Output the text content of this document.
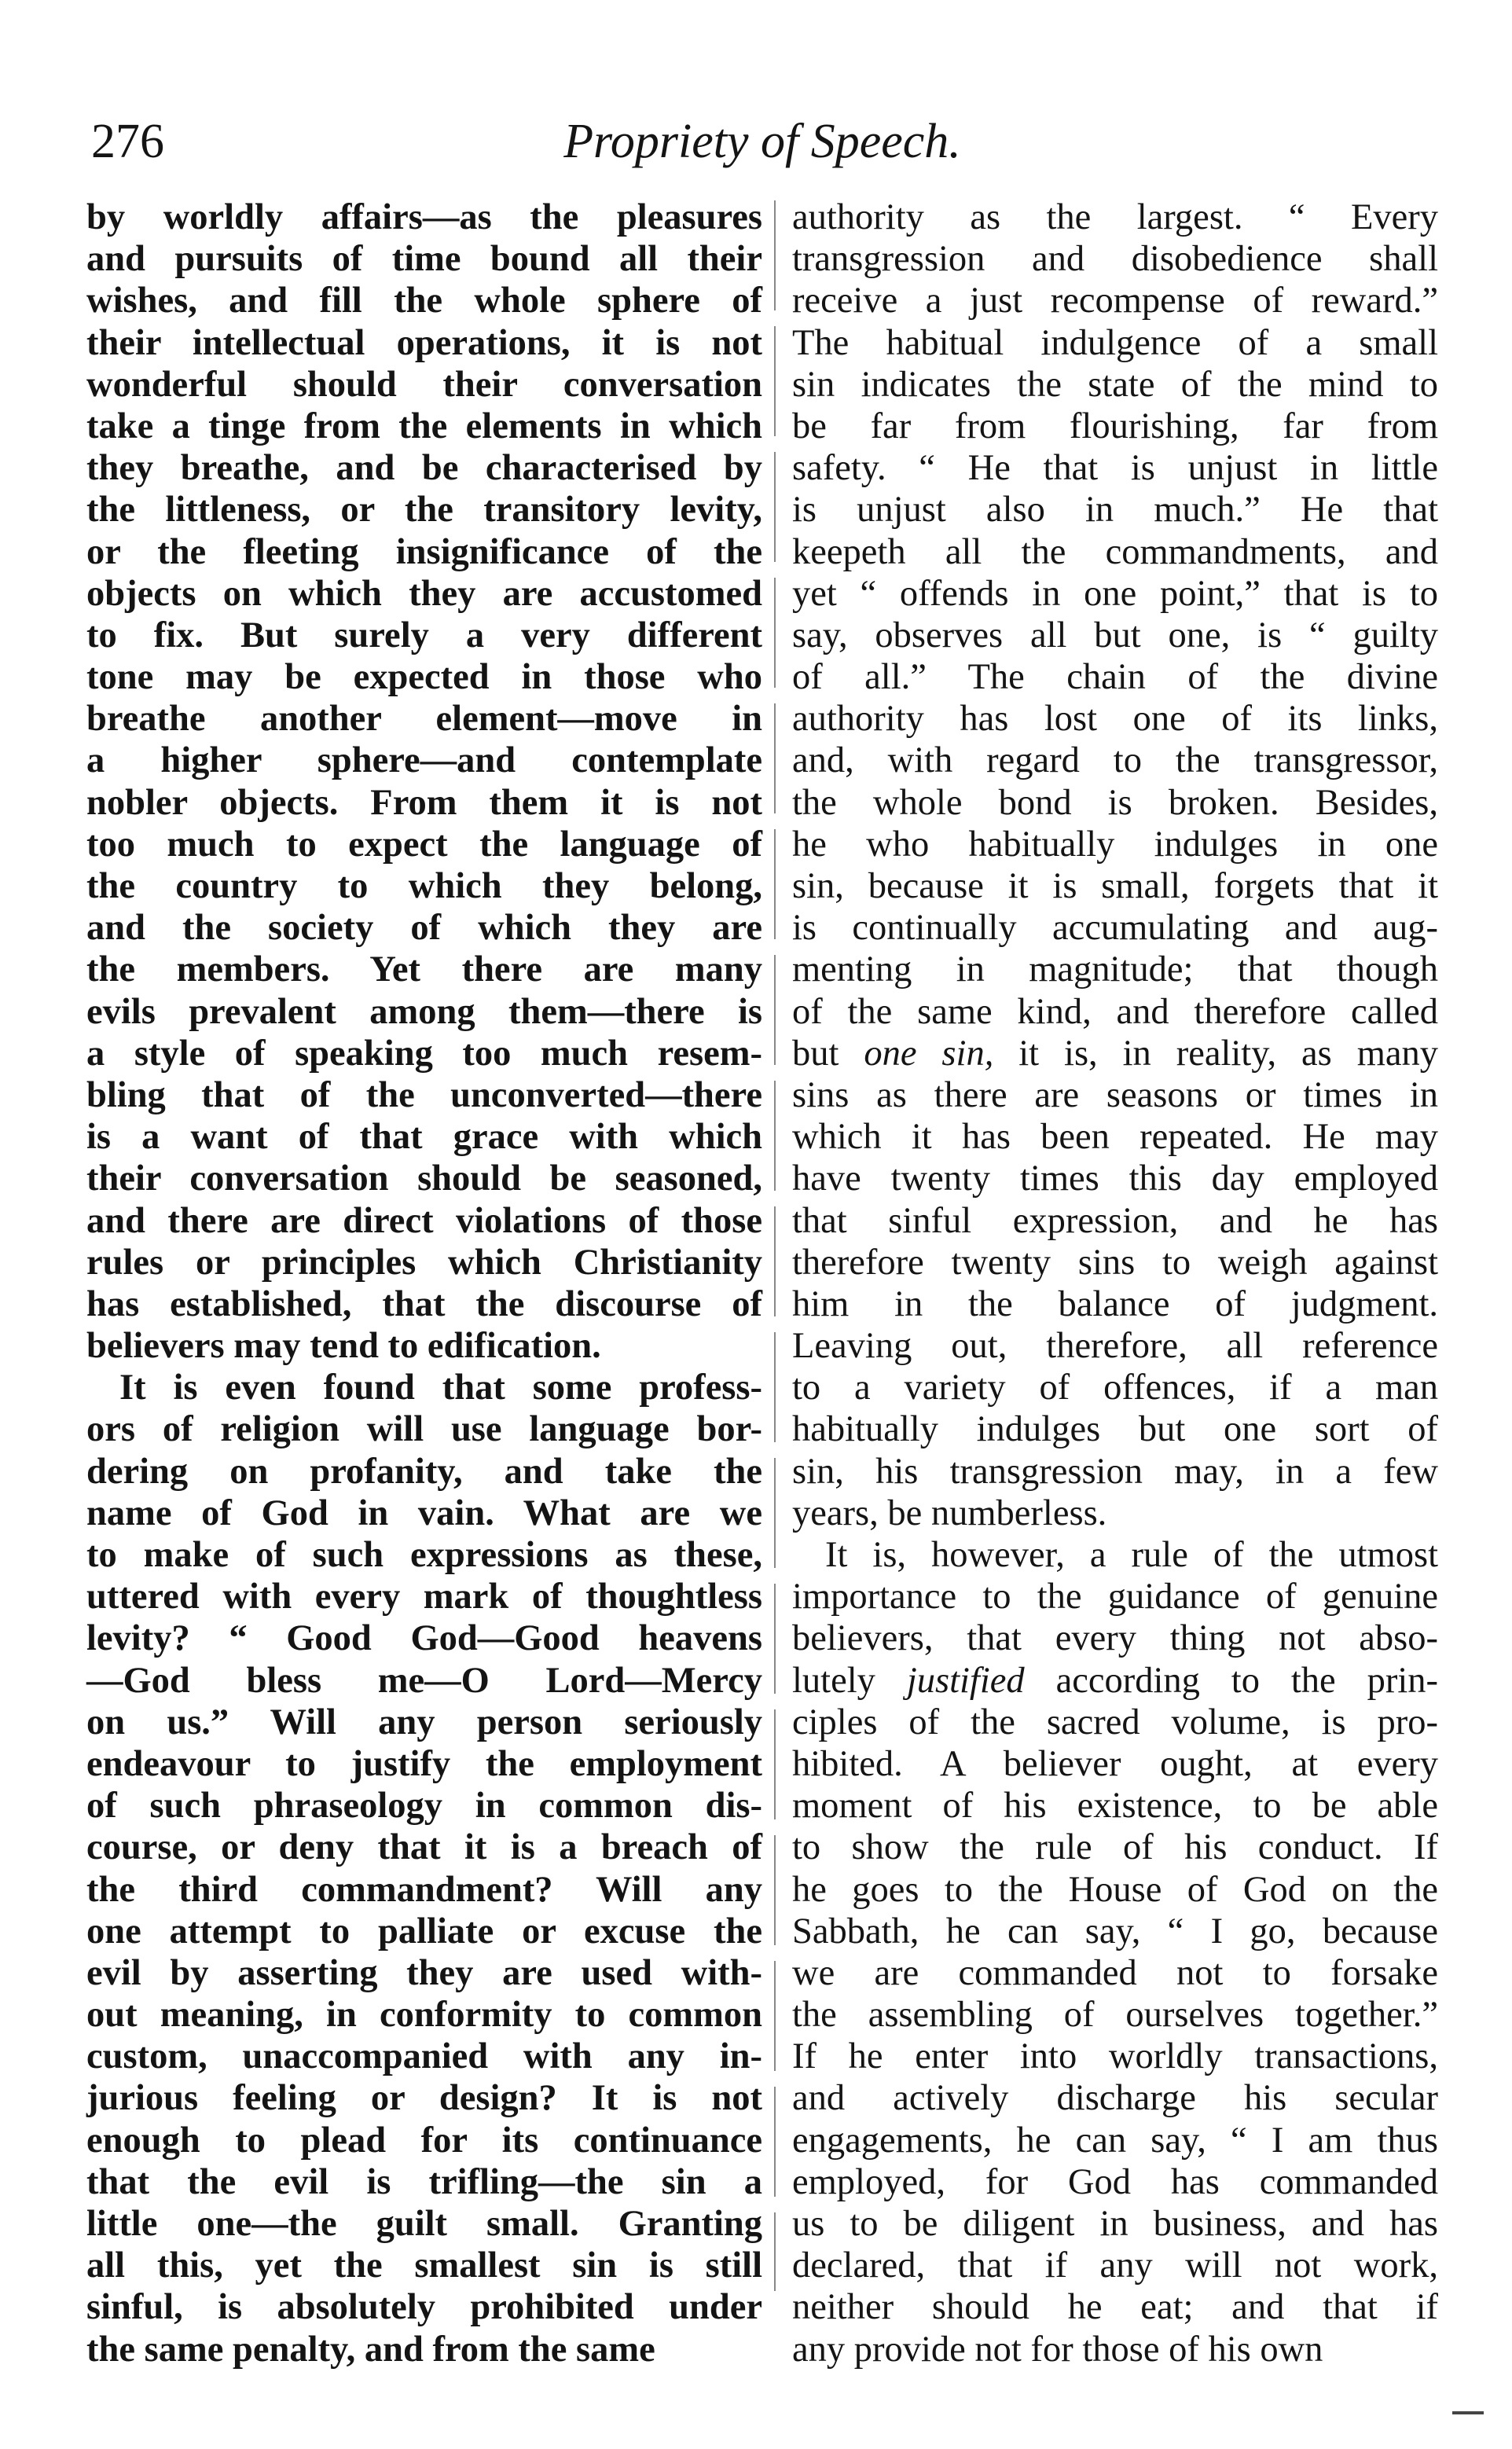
276	Propriety of Speech.
by worldly affairs—as the pleasures
and pursuits of time bound all their
wishes, and fill the whole sphere of
their intellectual operations, it is not
wonderful should their conversation
take a tinge from the elements in which
they breathe, and be characterised by
the littleness, or the transitory levity,
or the fleeting insignificance of the
objects on which they are accustomed
to fix. But surely a very different
tone may be expected in those who
breathe another element—move in
a higher sphere—and contemplate
nobler objects. From them it is not
too much to expect the language of
the country to which they belong,
and the society of which they are
the members. Yet there are many
evils prevalent among them—there is
a style of speaking too much resem-
bling that of the unconverted—there
is a want of that grace with which
their conversation should be seasoned,
and there are direct violations of those
rules or principles which Christianity
has established, that the discourse of
believers may tend to edification.
It is even found that some profess-
ors of religion will use language bor-
dering on profanity, and take the
name of God in vain. What are we
to make of such expressions as these,
uttered with every mark of thoughtless
levity? “ Good God—Good heavens
—God bless me—O Lord—Mercy
on us.” Will any person seriously
endeavour to justify the employment
of such phraseology in common dis-
course, or deny that it is a breach of
the third commandment? Will any
one attempt to palliate or excuse the
evil by asserting they are used with-
out meaning, in conformity to common
custom, unaccompanied with any in-
jurious feeling or design? It is not
enough to plead for its continuance
that the evil is trifling—the sin a
little one—the guilt small. Granting
all this, yet the smallest sin is still
sinful, is absolutely prohibited under
the same penalty, and from the same
authority as the largest. “ Every
transgression and disobedience shall
receive a just recompense of reward.”
The habitual indulgence of a small
sin indicates the state of the mind to
be far from flourishing, far from
safety. “ He that is unjust in little
is unjust also in much.” He that
keepeth all the commandments, and
yet “ offends in one point,” that is to
say, observes all but one, is “ guilty
of all.” The chain of the divine
authority has lost one of its links,
and, with regard to the transgressor,
the whole bond is broken. Besides,
he who habitually indulges in one
sin, because it is small, forgets that it
is continually accumulating and aug-
menting in magnitude; that though
of the same kind, and therefore called
but one sin, it is, in reality, as many
sins as there are seasons or times in
which it has been repeated. He may
have twenty times this day employed
that sinful expression, and he has
therefore twenty sins to weigh against
him in the balance of judgment.
Leaving out, therefore, all reference
to a variety of offences, if a man
habitually indulges but one sort of
sin, his transgression may, in a few
years, be numberless.
It is, however, a rule of the utmost
importance to the guidance of genuine
believers, that every thing not abso-
lutely justified according to the prin-
ciples of the sacred volume, is pro-
hibited. A believer ought, at every
moment of his existence, to be able
to show the rule of his conduct. If
he goes to the House of God on the
Sabbath, he can say, “ I go, because
we are commanded not to forsake
the assembling of ourselves together.”
If he enter into worldly transactions,
and actively discharge his secular
engagements, he can say, “ I am thus
employed, for God has commanded
us to be diligent in business, and has
declared, that if any will not work,
neither should he eat; and that if
any provide not for those of his own
